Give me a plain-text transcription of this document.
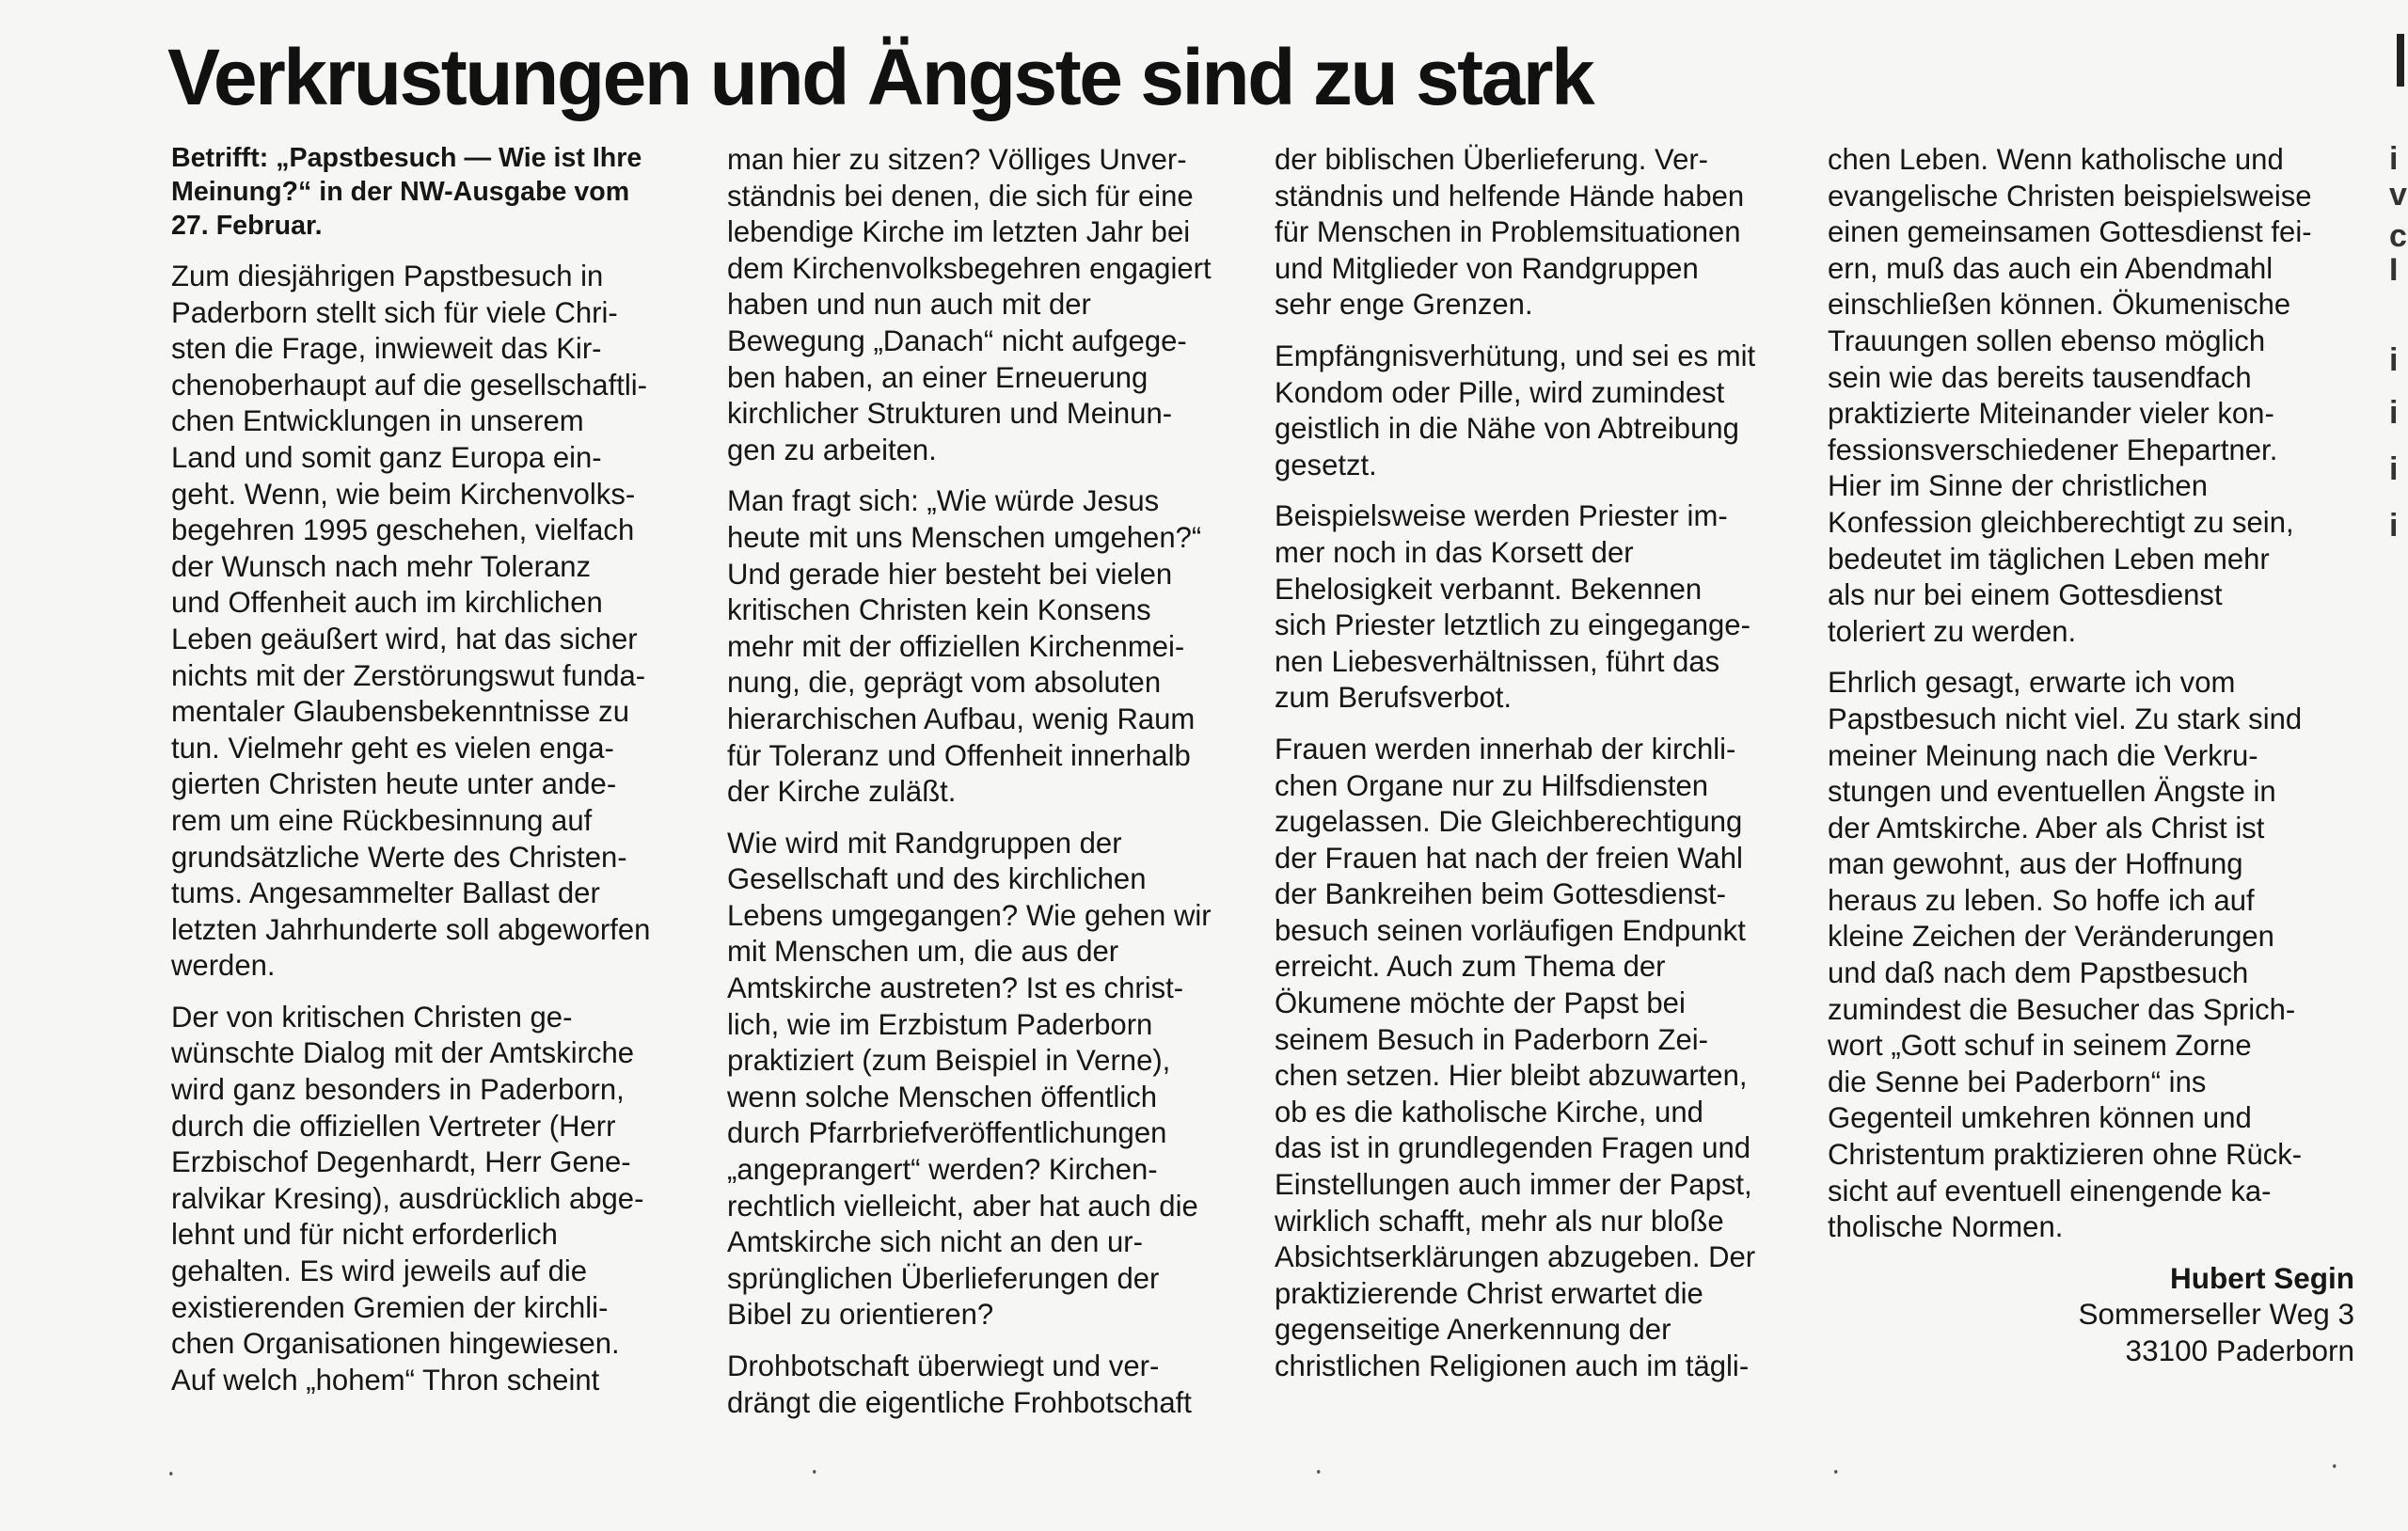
Verkrustungen und Ängste sind zu stark

Betrifft: „Papstbesuch — Wie ist Ihre
Meinung?“ in der NW-Ausgabe vom
27. Februar.

Zum diesjährigen Papstbesuch in
Paderborn stellt sich für viele Chri-
sten die Frage, inwieweit das Kir-
chenoberhaupt auf die gesellschaftli-
chen Entwicklungen in unserem
Land und somit ganz Europa ein-
geht. Wenn, wie beim Kirchenvolks-
begehren 1995 geschehen, vielfach
der Wunsch nach mehr Toleranz
und Offenheit auch im kirchlichen
Leben geäußert wird, hat das sicher
nichts mit der Zerstörungswut funda-
mentaler Glaubensbekenntnisse zu
tun. Vielmehr geht es vielen enga-
gierten Christen heute unter ande-
rem um eine Rückbesinnung auf
grundsätzliche Werte des Christen-
tums. Angesammelter Ballast der
letzten Jahrhunderte soll abgeworfen
werden.

Der von kritischen Christen ge-
wünschte Dialog mit der Amtskirche
wird ganz besonders in Paderborn,
durch die offiziellen Vertreter (Herr
Erzbischof Degenhardt, Herr Gene-
ralvikar Kresing), ausdrücklich abge-
lehnt und für nicht erforderlich
gehalten. Es wird jeweils auf die
existierenden Gremien der kirchli-
chen Organisationen hingewiesen.
Auf welch „hohem“ Thron scheint

man hier zu sitzen? Völliges Unver-
ständnis bei denen, die sich für eine
lebendige Kirche im letzten Jahr bei
dem Kirchenvolksbegehren engagiert
haben und nun auch mit der
Bewegung „Danach“ nicht aufgege-
ben haben, an einer Erneuerung
kirchlicher Strukturen und Meinun-
gen zu arbeiten.

Man fragt sich: „Wie würde Jesus
heute mit uns Menschen umgehen?“
Und gerade hier besteht bei vielen
kritischen Christen kein Konsens
mehr mit der offiziellen Kirchenmei-
nung, die, geprägt vom absoluten
hierarchischen Aufbau, wenig Raum
für Toleranz und Offenheit innerhalb
der Kirche zuläßt.

Wie wird mit Randgruppen der
Gesellschaft und des kirchlichen
Lebens umgegangen? Wie gehen wir
mit Menschen um, die aus der
Amtskirche austreten? Ist es christ-
lich, wie im Erzbistum Paderborn
praktiziert (zum Beispiel in Verne),
wenn solche Menschen öffentlich
durch Pfarrbriefveröffentlichungen
„angeprangert“ werden? Kirchen-
rechtlich vielleicht, aber hat auch die
Amtskirche sich nicht an den ur-
sprünglichen Überlieferungen der
Bibel zu orientieren?

Drohbotschaft überwiegt und ver-
drängt die eigentliche Frohbotschaft

der biblischen Überlieferung. Ver-
ständnis und helfende Hände haben
für Menschen in Problemsituationen
und Mitglieder von Randgruppen
sehr enge Grenzen.

Empfängnisverhütung, und sei es mit
Kondom oder Pille, wird zumindest
geistlich in die Nähe von Abtreibung
gesetzt.

Beispielsweise werden Priester im-
mer noch in das Korsett der
Ehelosigkeit verbannt. Bekennen
sich Priester letztlich zu eingegange-
nen Liebesverhältnissen, führt das
zum Berufsverbot.

Frauen werden innerhab der kirchli-
chen Organe nur zu Hilfsdiensten
zugelassen. Die Gleichberechtigung
der Frauen hat nach der freien Wahl
der Bankreihen beim Gottesdienst-
besuch seinen vorläufigen Endpunkt
erreicht. Auch zum Thema der
Ökumene möchte der Papst bei
seinem Besuch in Paderborn Zei-
chen setzen. Hier bleibt abzuwarten,
ob es die katholische Kirche, und
das ist in grundlegenden Fragen und
Einstellungen auch immer der Papst,
wirklich schafft, mehr als nur bloße
Absichtserklärungen abzugeben. Der
praktizierende Christ erwartet die
gegenseitige Anerkennung der
christlichen Religionen auch im tägli-

chen Leben. Wenn katholische und
evangelische Christen beispielsweise
einen gemeinsamen Gottesdienst fei-
ern, muß das auch ein Abendmahl
einschließen können. Ökumenische
Trauungen sollen ebenso möglich
sein wie das bereits tausendfach
praktizierte Miteinander vieler kon-
fessionsverschiedener Ehepartner.
Hier im Sinne der christlichen
Konfession gleichberechtigt zu sein,
bedeutet im täglichen Leben mehr
als nur bei einem Gottesdienst
toleriert zu werden.

Ehrlich gesagt, erwarte ich vom
Papstbesuch nicht viel. Zu stark sind
meiner Meinung nach die Verkru-
stungen und eventuellen Ängste in
der Amtskirche. Aber als Christ ist
man gewohnt, aus der Hoffnung
heraus zu leben. So hoffe ich auf
kleine Zeichen der Veränderungen
und daß nach dem Papstbesuch
zumindest die Besucher das Sprich-
wort „Gott schuf in seinem Zorne
die Senne bei Paderborn“ ins
Gegenteil umkehren können und
Christentum praktizieren ohne Rück-
sicht auf eventuell einengende ka-
tholische Normen.

Hubert Segin
Sommerseller Weg 3
33100 Paderborn
i
v
c
I
i
i
i
i
⸱	⸱	⸱	⸱	⸱
